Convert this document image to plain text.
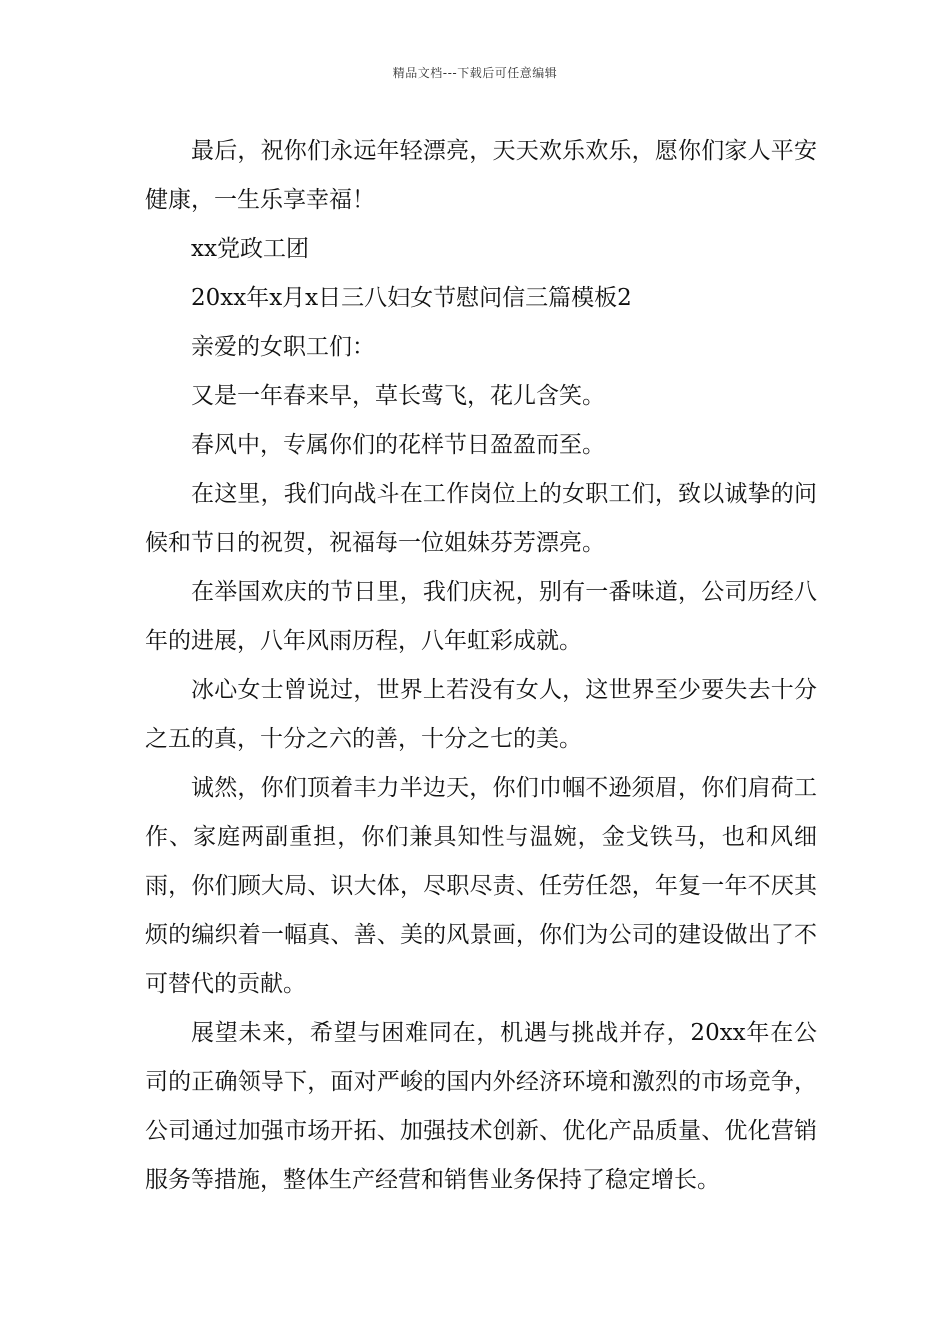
精品文档---下载后可任意编辑

最后，祝你们永远年轻漂亮，天天欢乐欢乐，愿你们家人平安健康，一生乐享幸福！

xx党政工团

20xx年x月x日三八妇女节慰问信三篇模板2

亲爱的女职工们：

又是一年春来早，草长莺飞，花儿含笑。

春风中，专属你们的花样节日盈盈而至。

在这里，我们向战斗在工作岗位上的女职工们，致以诚挚的问候和节日的祝贺，祝福每一位姐妹芬芳漂亮。

在举国欢庆的节日里，我们庆祝，别有一番味道，公司历经八年的进展，八年风雨历程，八年虹彩成就。

冰心女士曾说过，世界上若没有女人，这世界至少要失去十分之五的真，十分之六的善，十分之七的美。

诚然，你们顶着丰力半边天，你们巾帼不逊须眉，你们肩荷工作、家庭两副重担，你们兼具知性与温婉，金戈铁马，也和风细雨，你们顾大局、识大体，尽职尽责、任劳任怨，年复一年不厌其烦的编织着一幅真、善、美的风景画，你们为公司的建设做出了不可替代的贡献。

展望未来，希望与困难同在，机遇与挑战并存，20xx年在公司的正确领导下，面对严峻的国内外经济环境和激烈的市场竞争，公司通过加强市场开拓、加强技术创新、优化产品质量、优化营销服务等措施，整体生产经营和销售业务保持了稳定增长。
